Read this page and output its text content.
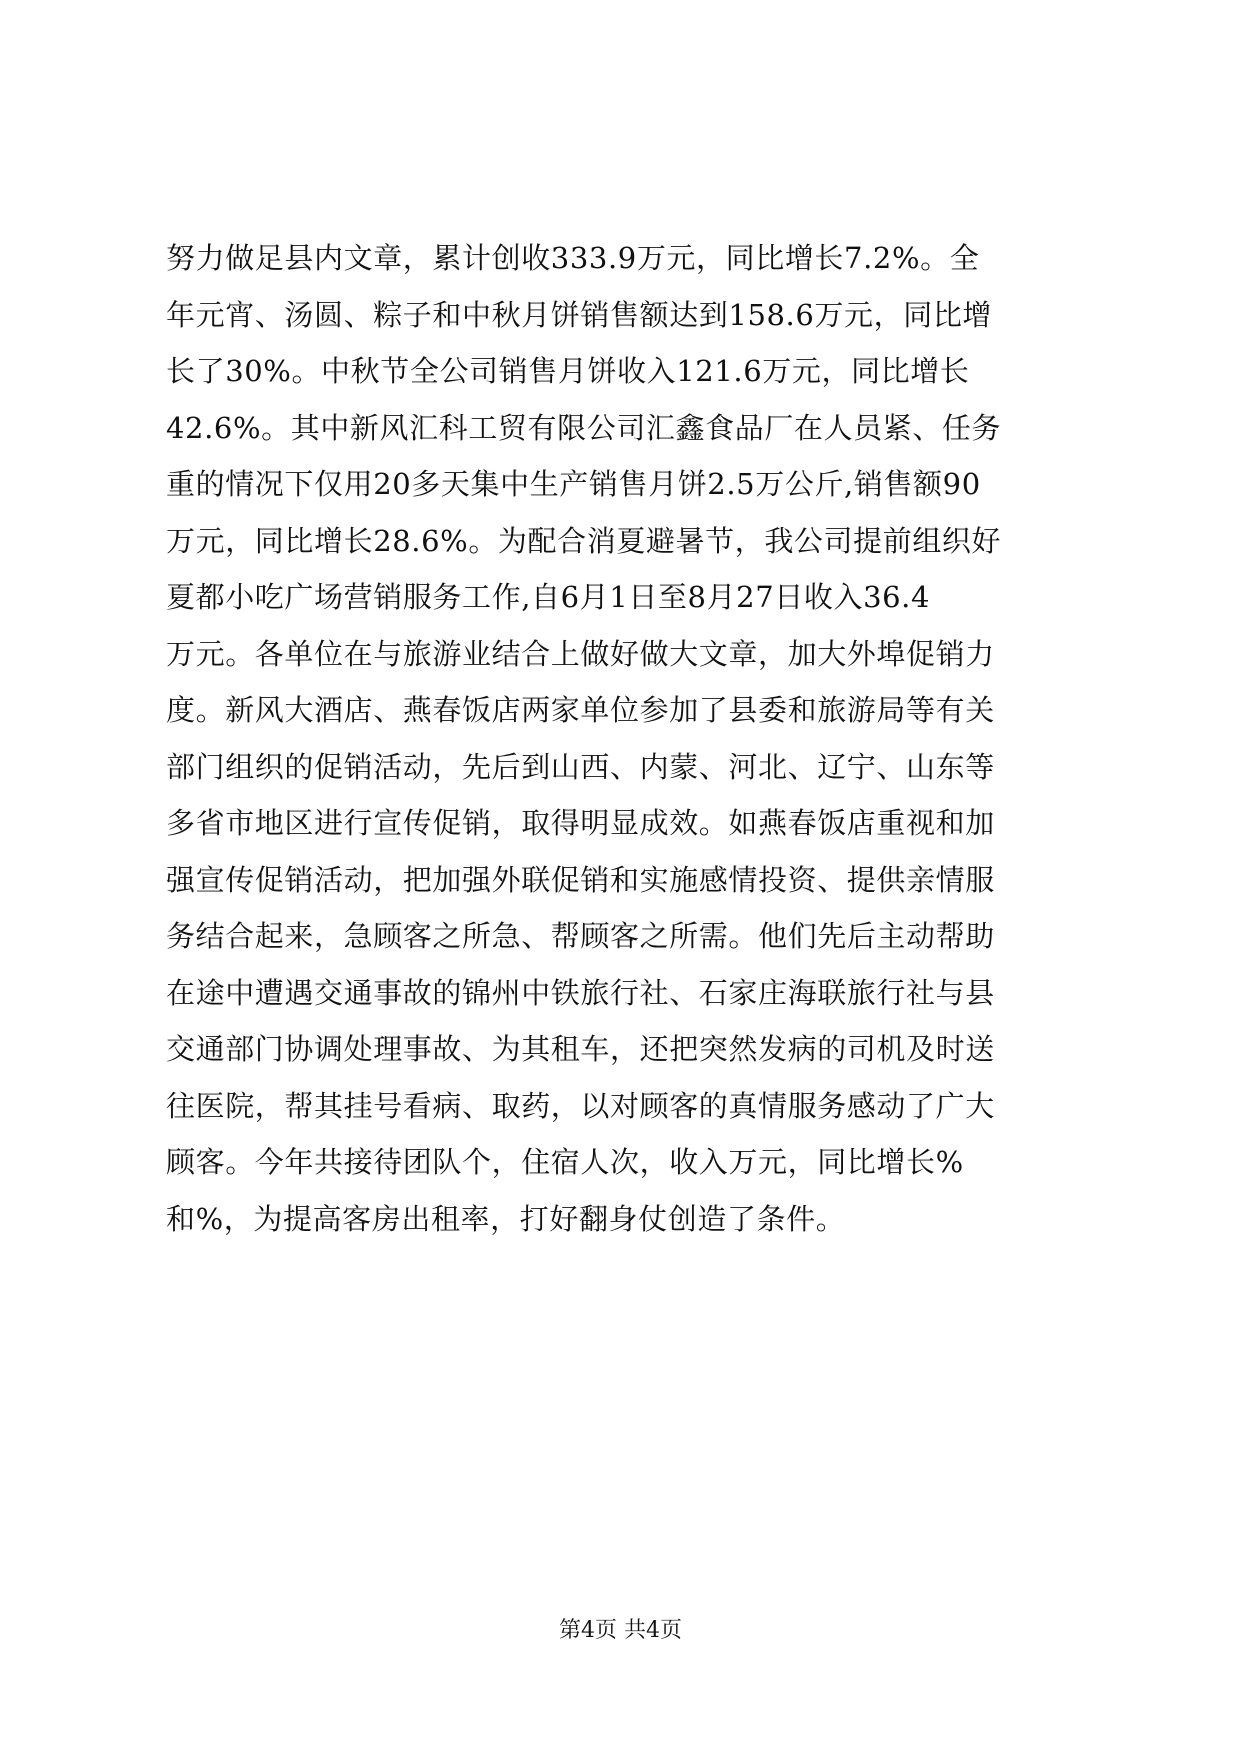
努力做足县内文章，累计创收333.9万元，同比增长7.2%。全
年元宵、汤圆、粽子和中秋月饼销售额达到158.6万元，同比增
长了30%。中秋节全公司销售月饼收入121.6万元，同比增长
42.6%。其中新风汇科工贸有限公司汇鑫食品厂在人员紧、任务
重的情况下仅用20多天集中生产销售月饼2.5万公斤,销售额90
万元，同比增长28.6%。为配合消夏避暑节，我公司提前组织好
夏都小吃广场营销服务工作,自6月1日至8月27日收入36.4
万元。各单位在与旅游业结合上做好做大文章，加大外埠促销力
度。新风大酒店、燕春饭店两家单位参加了县委和旅游局等有关
部门组织的促销活动，先后到山西、内蒙、河北、辽宁、山东等
多省市地区进行宣传促销，取得明显成效。如燕春饭店重视和加
强宣传促销活动，把加强外联促销和实施感情投资、提供亲情服
务结合起来，急顾客之所急、帮顾客之所需。他们先后主动帮助
在途中遭遇交通事故的锦州中铁旅行社、石家庄海联旅行社与县
交通部门协调处理事故、为其租车，还把突然发病的司机及时送
往医院，帮其挂号看病、取药，以对顾客的真情服务感动了广大
顾客。今年共接待团队个，住宿人次，收入万元，同比增长%
和%，为提高客房出租率，打好翻身仗创造了条件。
第4页 共4页
